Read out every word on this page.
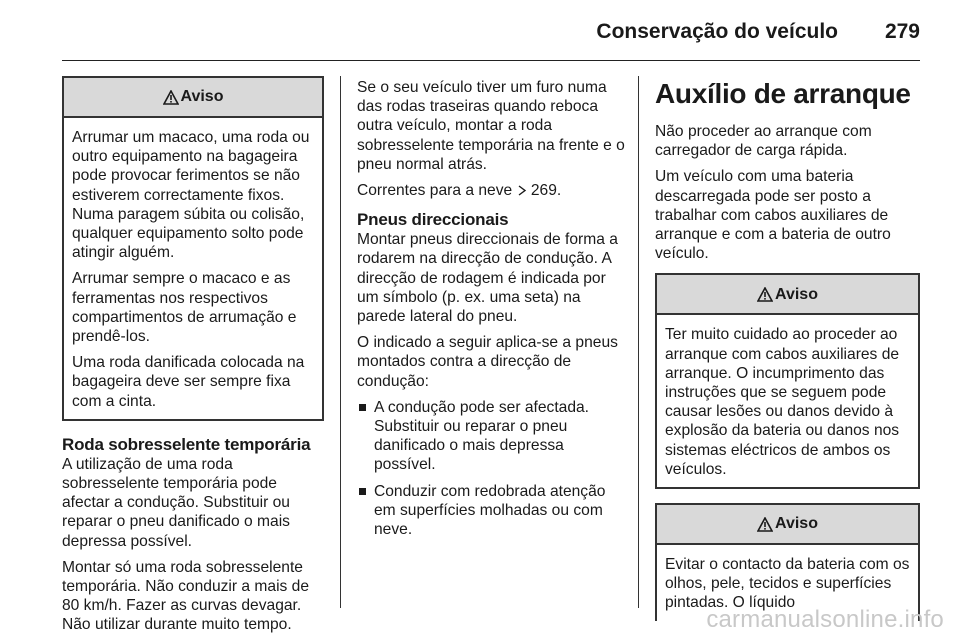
Conservação do veículo 279
Aviso

Arrumar um macaco, uma roda ou outro equipamento na bagageira pode provocar ferimentos se não estiverem correctamente fixos. Numa paragem súbita ou colisão, qualquer equipamento solto pode atingir alguém.

Arrumar sempre o macaco e as ferramentas nos respectivos compartimentos de arrumação e prendê-los.

Uma roda danificada colocada na bagageira deve ser sempre fixa com a cinta.

Roda sobresselente temporária

A utilização de uma roda sobresselente temporária pode afectar a condução. Substituir ou reparar o pneu danificado o mais depressa possível.

Montar só uma roda sobresselente temporária. Não conduzir a mais de 80 km/h. Fazer as curvas devagar. Não utilizar durante muito tempo.

Se o seu veículo tiver um furo numa das rodas traseiras quando reboca outra veículo, montar a roda sobresselente temporária na frente e o pneu normal atrás.

Correntes para a neve 269.

Pneus direccionais

Montar pneus direccionais de forma a rodarem na direcção de condução. A direcção de rodagem é indicada por um símbolo (p. ex. uma seta) na parede lateral do pneu.

O indicado a seguir aplica-se a pneus montados contra a direcção de condução:

A condução pode ser afectada. Substituir ou reparar o pneu danificado o mais depressa possível.
Conduzir com redobrada atenção em superfícies molhadas ou com neve.
Auxílio de arranque

Não proceder ao arranque com carregador de carga rápida.

Um veículo com uma bateria descarregada pode ser posto a trabalhar com cabos auxiliares de arranque e com a bateria de outro veículo.

Aviso

Ter muito cuidado ao proceder ao arranque com cabos auxiliares de arranque. O incumprimento das instruções que se seguem pode causar lesões ou danos devido à explosão da bateria ou danos nos sistemas eléctricos de ambos os veículos.

Aviso

Evitar o contacto da bateria com os olhos, pele, tecidos e superfícies pintadas. O líquido

carmanualsonline.info
